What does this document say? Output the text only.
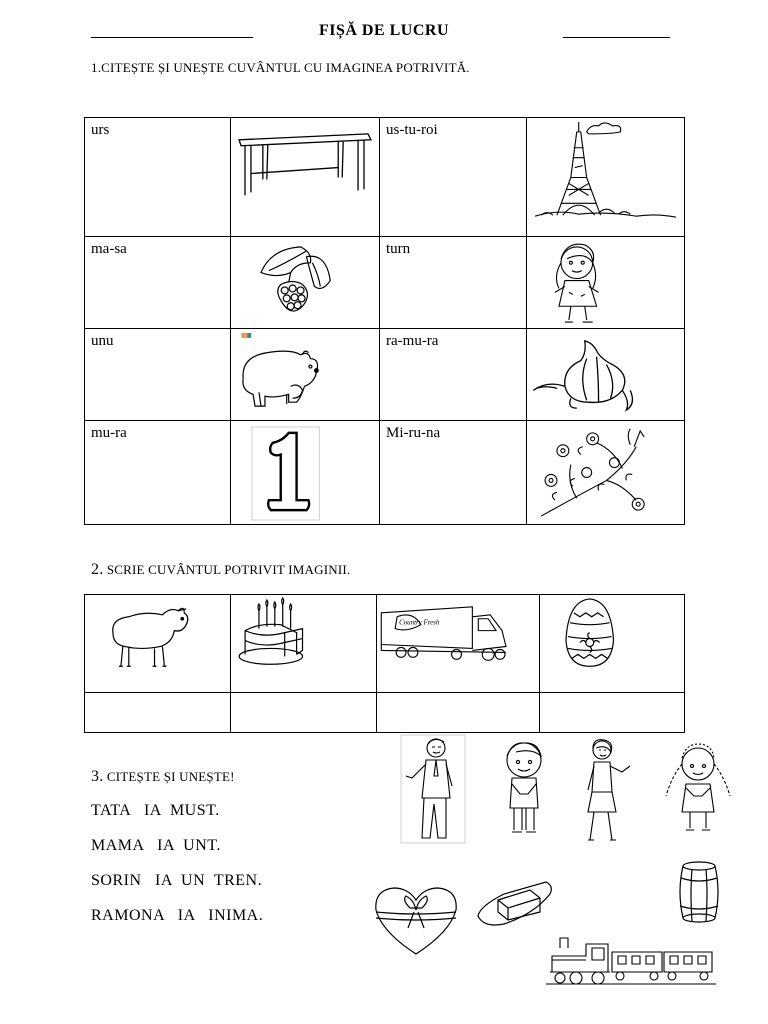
FIȘĂ DE LUCRU
1.CITEȘTE ȘI UNEȘTE CUVÂNTUL CU IMAGINEA POTRIVITĂ.
urs		us-tu-roi

ma-sa		turn

unu		ra-mu-ra

mu-ra		Mi-ru-na

2. SCRIE CUVÂNTUL POTRIVIT IMAGINII.

Country Fresh

3. CITEȘTE ȘI UNEȘTE!
TATA   IA  MUST.
MAMA   IA  UNT.
SORIN   IA  UN  TREN.
RAMONA   IA   INIMA.
